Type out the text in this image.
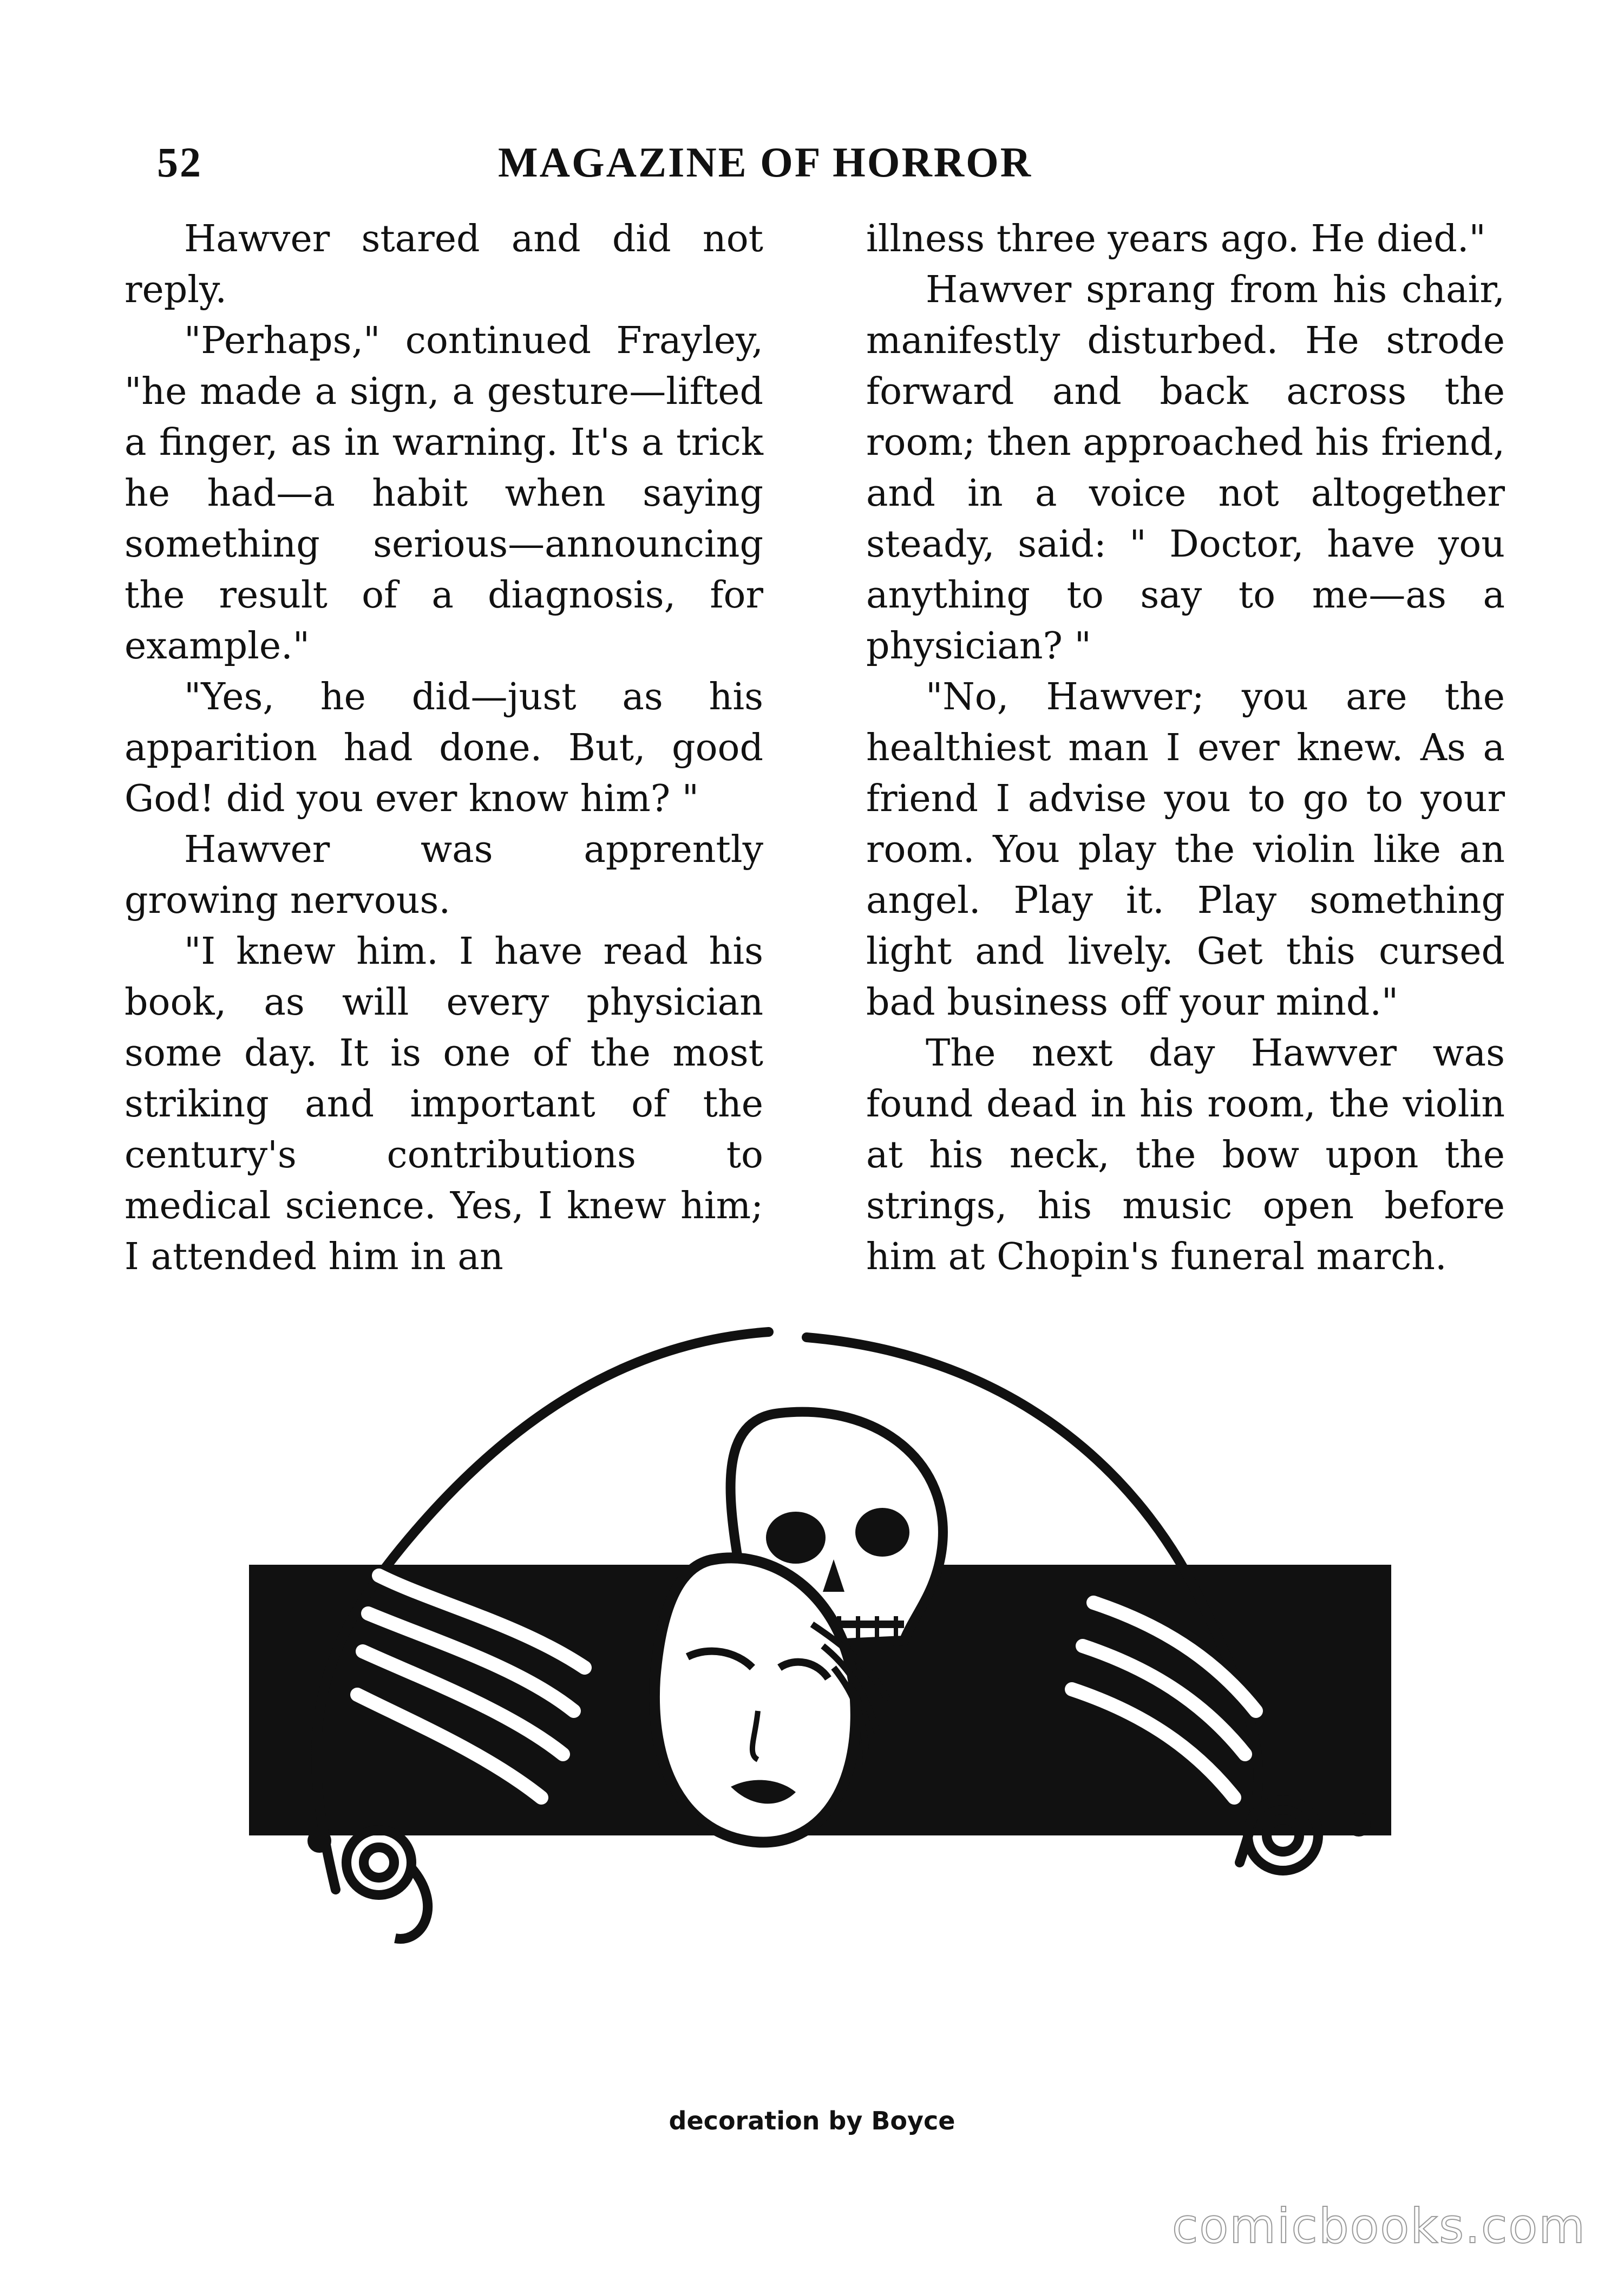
52	MAGAZINE OF HORROR

Hawver stared and did not reply.

"Perhaps," continued Frayley, "he made a sign, a gesture—lifted a finger, as in warning. It's a trick he had—a habit when saying something serious—announcing the result of a diagnosis, for example."

"Yes, he did—just as his apparition had done. But, good God! did you ever know him? "

Hawver was apprently growing nervous.

"I knew him. I have read his book, as will every physician some day. It is one of the most striking and important of the century's contributions to medical science. Yes, I knew him; I attended him in an

illness three years ago. He died."

Hawver sprang from his chair, manifestly disturbed. He strode forward and back across the room; then approached his friend, and in a voice not altogether steady, said: " Doctor, have you anything to say to me—as a physician? "

"No, Hawver; you are the healthiest man I ever knew. As a friend I advise you to go to your room. You play the violin like an angel. Play it. Play something light and lively. Get this cursed bad business off your mind."

The next day Hawver was found dead in his room, the violin at his neck, the bow upon the strings, his music open before him at Chopin's funeral march.

decoration by Boyce
comicbooks.com
